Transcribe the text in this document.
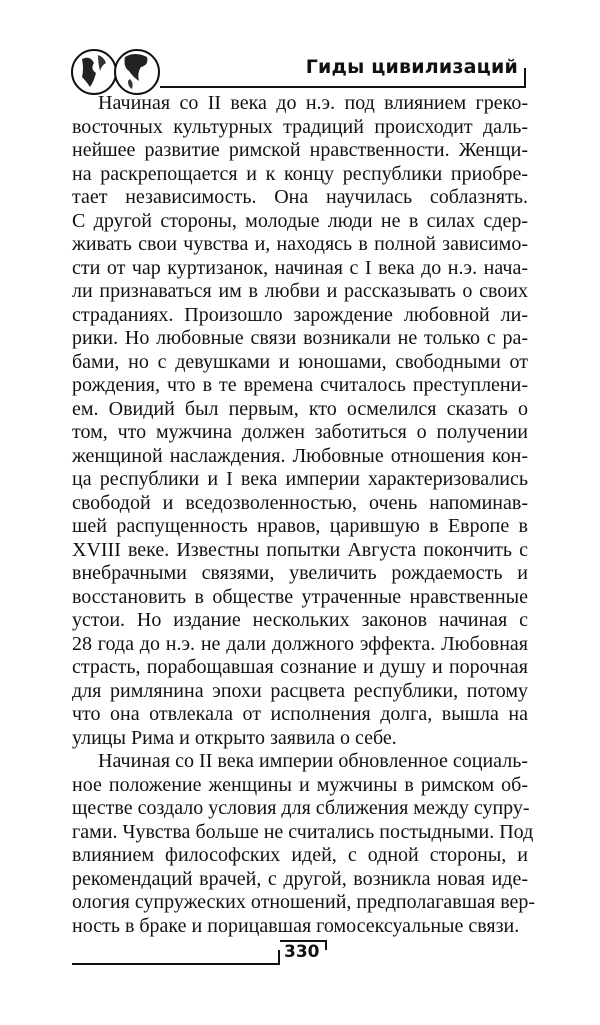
Гиды цивилизаций
Начиная со II века до н.э. под влиянием греко-
восточных культурных традиций происходит даль-
нейшее развитие римской нравственности. Женщи-
на раскрепощается и к концу республики приобре-
тает независимость. Она научилась соблазнять.
С другой стороны, молодые люди не в силах сдер-
живать свои чувства и, находясь в полной зависимо-
сти от чар куртизанок, начиная с I века до н.э. нача-
ли признаваться им в любви и рассказывать о своих
страданиях. Произошло зарождение любовной ли-
рики. Но любовные связи возникали не только с ра-
бами, но с девушками и юношами, свободными от
рождения, что в те времена считалось преступлени-
ем. Овидий был первым, кто осмелился сказать о
том, что мужчина должен заботиться о получении
женщиной наслаждения. Любовные отношения кон-
ца республики и I века империи характеризовались
свободой и вседозволенностью, очень напоминав-
шей распущенность нравов, царившую в Европе в
XVIII веке. Известны попытки Августа покончить с
внебрачными связями, увеличить рождаемость и
восстановить в обществе утраченные нравственные
устои. Но издание нескольких законов начиная с
28 года до н.э. не дали должного эффекта. Любовная
страсть, порабощавшая сознание и душу и порочная
для римлянина эпохи расцвета республики, потому
что она отвлекала от исполнения долга, вышла на
улицы Рима и открыто заявила о себе.
Начиная со II века империи обновленное социаль-
ное положение женщины и мужчины в римском об-
ществе создало условия для сближения между супру-
гами. Чувства больше не считались постыдными. Под
влиянием философских идей, с одной стороны, и
рекомендаций врачей, с другой, возникла новая иде-
ология супружеских отношений, предполагавшая вер-
ность в браке и порицавшая гомосексуальные связи.
330
